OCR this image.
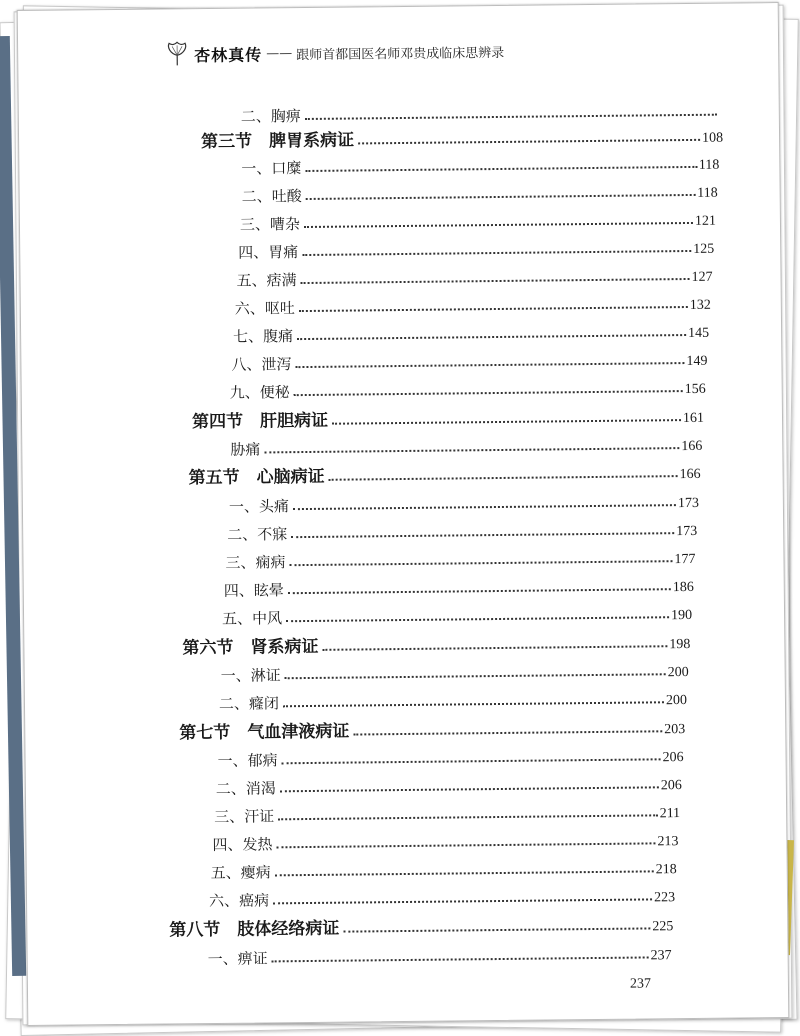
杏林真传 —— 跟师首都国医名师邓贵成临床思辨录
二、胸痹
第三节　脾胃系病证	108
一、口糜	118
二、吐酸	118
三、嘈杂	121
四、胃痛	125
五、痞满	127
六、呕吐	132
七、腹痛	145
八、泄泻	149
九、便秘	156
第四节　肝胆病证	161
胁痛	166
第五节　心脑病证	166
一、头痛	173
二、不寐	173
三、痫病	177
四、眩晕	186
五、中风	190
第六节　肾系病证	198
一、淋证	200
二、癃闭	200
第七节　气血津液病证	203
一、郁病	206
二、消渴	206
三、汗证	211
四、发热	213
五、瘿病	218
六、癌病	223
第八节　肢体经络病证	225
一、痹证	237
237
